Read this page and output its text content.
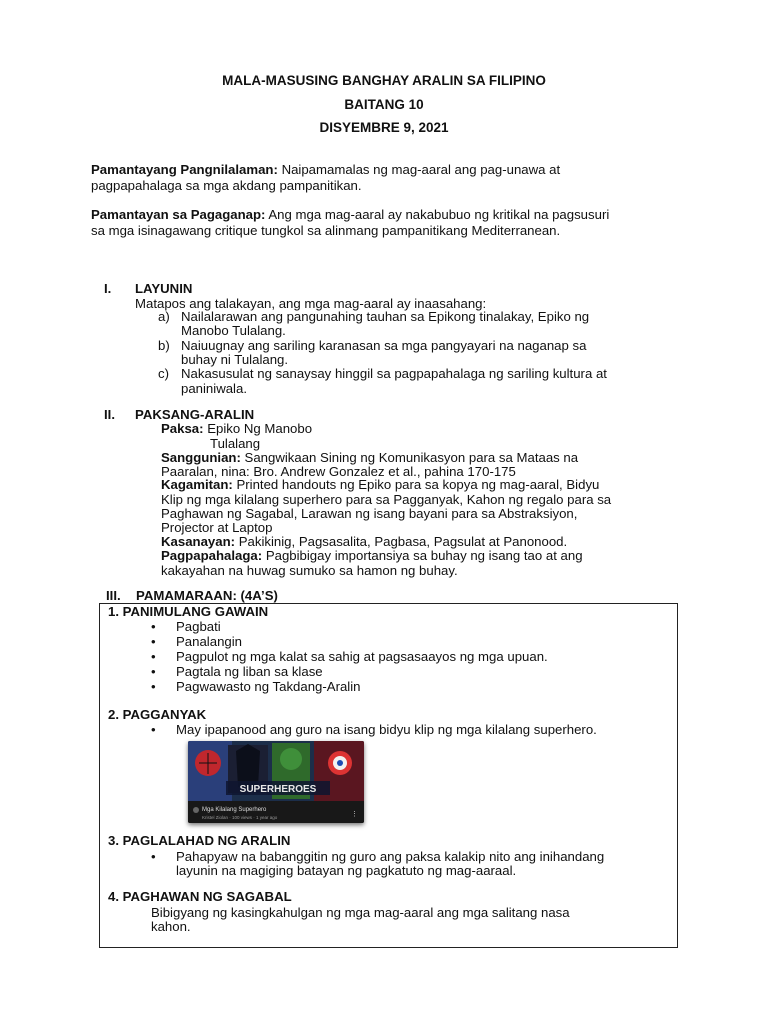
MALA-MASUSING BANGHAY ARALIN SA FILIPINO
BAITANG 10
DISYEMBRE 9, 2021
Pamantayang Pangnilalaman: Naipamamalas ng mag-aaral ang pag-unawa at
pagpapahalaga sa mga akdang pampanitikan.
Pamantayan sa Pagaganap: Ang mga mag-aaral ay nakabubuo ng kritikal na pagsusuri
sa mga isinagawang critique tungkol sa alinmang pampanitikang Mediterranean.
I. LAYUNIN
Matapos ang talakayan, ang mga mag-aaral ay inaasahang:
a) Nailalarawan ang pangunahing tauhan sa Epikong tinalakay, Epiko ng
Manobo Tulalang.
b) Naiuugnay ang sariling karanasan sa mga pangyayari na naganap sa
buhay ni Tulalang.
c) Nakasusulat ng sanaysay hinggil sa pagpapahalaga ng sariling kultura at
paniniwala.
II. PAKSANG-ARALIN
Paksa: Epiko Ng Manobo
Tulalang
Sanggunian: Sangwikaan Sining ng Komunikasyon para sa Mataas na
Paaralan, nina: Bro. Andrew Gonzalez et al., pahina 170-175
Kagamitan: Printed handouts ng Epiko para sa kopya ng mag-aaral, Bidyu
Klip ng mga kilalang superhero para sa Pagganyak, Kahon ng regalo para sa
Paghawan ng Sagabal, Larawan ng isang bayani para sa Abstraksiyon,
Projector at Laptop
Kasanayan: Pakikinig, Pagsasalita, Pagbasa, Pagsulat at Panonood.
Pagpapahalaga: Pagbibigay importansiya sa buhay ng isang tao at ang
kakayahan na huwag sumuko sa hamon ng buhay.
III. PAMAMARAAN: (4A’S)
1. PANIMULANG GAWAIN
• Pagbati
• Panalangin
• Pagpulot ng mga kalat sa sahig at pagsasaayos ng mga upuan.
• Pagtala ng liban sa klase
• Pagwawasto ng Takdang-Aralin
2. PAGGANYAK
• May ipapanood ang guro na isang bidyu klip ng mga kilalang superhero.
SUPERHEROES
Mga Kilalang Superhero
Kristel Ziolan · 100 views · 1 year ago	⋮
3. PAGLALAHAD NG ARALIN
• Pahapyaw na babanggitin ng guro ang paksa kalakip nito ang inihandang
layunin na magiging batayan ng pagkatuto ng mag-aaraal.
4. PAGHAWAN NG SAGABAL
Bibigyang ng kasingkahulgan ng mga mag-aaral ang mga salitang nasa
kahon.
